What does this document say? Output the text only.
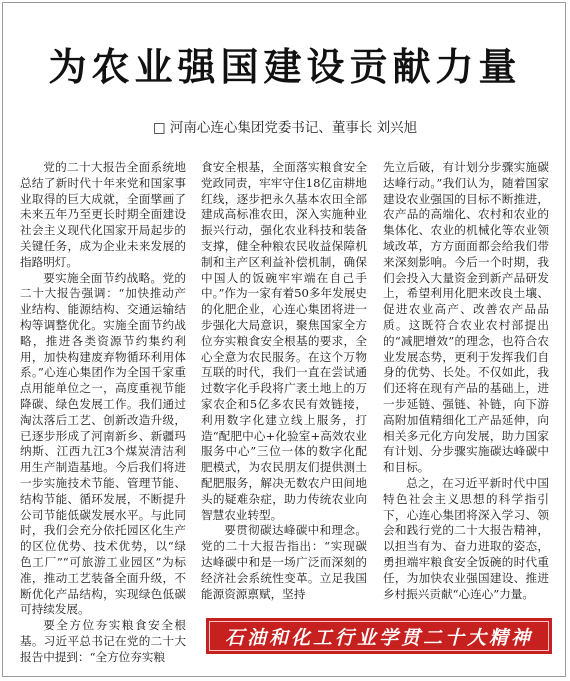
为农业强国建设贡献力量
□ 河南心连心集团党委书记、董事长 刘兴旭

党的二十大报告全面系统地总结了新时代十年来党和国家事业取得的巨大成就，全面擘画了未来五年乃至更长时期全面建设社会主义现代化国家开局起步的关键任务，成为企业未来发展的指路明灯。

要实施全面节约战略。党的二十大报告强调：“加快推动产业结构、能源结构、交通运输结构等调整优化。实施全面节约战略，推进各类资源节约集约利用，加快构建废弃物循环利用体系。”心连心集团作为全国千家重点用能单位之一，高度重视节能降碳、绿色发展工作。我们通过淘汰落后工艺、创新改造升级，已逐步形成了河南新乡、新疆玛纳斯、江西九江3个煤炭清洁利用生产制造基地。今后我们将进一步实施技术节能、管理节能、结构节能、循环发展，不断提升公司节能低碳发展水平。与此同时，我们会充分依托园区化生产的区位优势、技术优势，以“绿色工厂”“可旅游工业园区”为标准，推动工艺装备全面升级，不断优化产品结构，实现绿色低碳可持续发展。

要全方位夯实粮食安全根基。习近平总书记在党的二十大报告中提到：“全方位夯实粮

食安全根基，全面落实粮食安全党政同责，牢牢守住18亿亩耕地红线，逐步把永久基本农田全部建成高标准农田，深入实施种业振兴行动，强化农业科技和装备支撑，健全种粮农民收益保障机制和主产区利益补偿机制，确保中国人的饭碗牢牢端在自己手中。”作为一家有着50多年发展史的化肥企业，心连心集团将进一步强化大局意识，聚焦国家全方位夯实粮食安全根基的要求，全心全意为农民服务。在这个万物互联的时代，我们一直在尝试通过数字化手段将广袤土地上的万家农企和5亿多农民有效链接，利用数字化建立线上服务，打造“配肥中心+化验室+高效农业服务中心”三位一体的数字化配肥模式，为农民朋友们提供测土配肥服务，解决无数农户田间地头的疑难杂症，助力传统农业向智慧农业转型。

要贯彻碳达峰碳中和理念。党的二十大报告指出：“实现碳达峰碳中和是一场广泛而深刻的经济社会系统性变革。立足我国能源资源禀赋，坚持

先立后破，有计划分步骤实施碳达峰行动。”我们认为，随着国家建设农业强国的目标不断推进，农产品的高端化、农村和农业的集体化、农业的机械化等农业领域改革，方方面面都会给我们带来深刻影响。今后一个时期，我们会投入大量资金到新产品研发上，希望利用化肥来改良土壤、促进农业高产、改善农产品品质。这既符合农业农村部提出的“减肥增效”的理念，也符合农业发展态势，更利于发挥我们自身的优势、长处。不仅如此，我们还将在现有产品的基础上，进一步延链、强链、补链，向下游高附加值精细化工产品延伸，向相关多元化方向发展，助力国家有计划、分步骤实施碳达峰碳中和目标。

总之，在习近平新时代中国特色社会主义思想的科学指引下，心连心集团将深入学习、领会和践行党的二十大报告精神，以担当有为、奋力进取的姿态，勇担端牢粮食安全饭碗的时代重任，为加快农业强国建设、推进乡村振兴贡献“心连心”力量。

石油和化工行业学贯二十大精神
